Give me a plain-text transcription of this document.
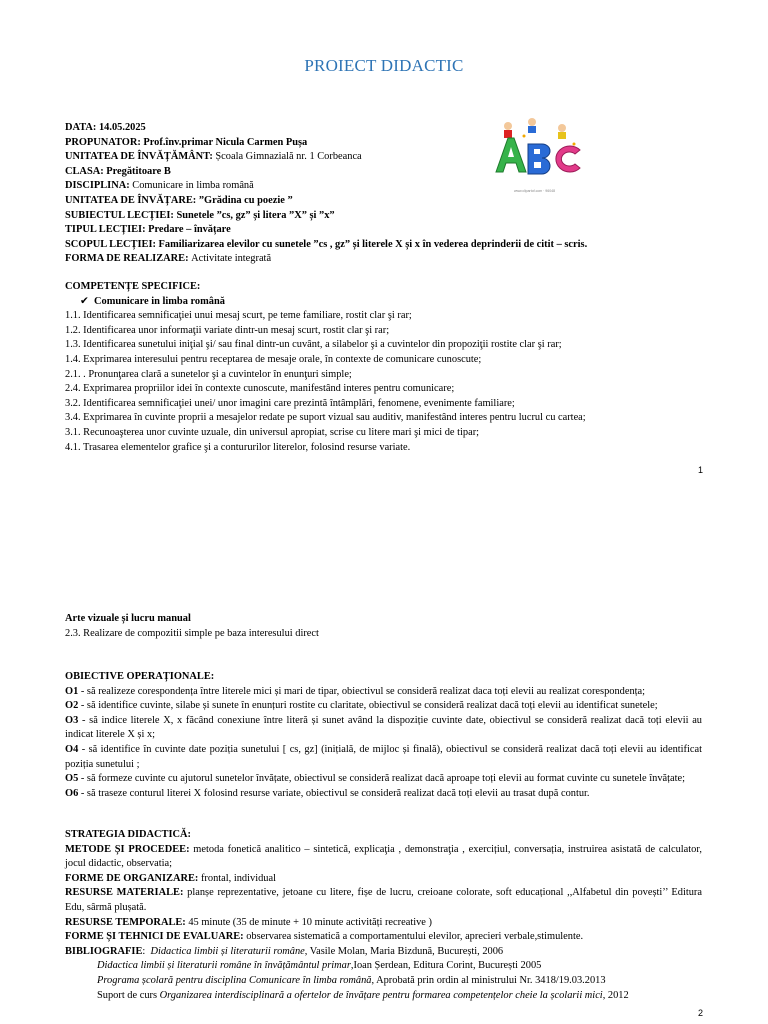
PROIECT DIDACTIC
www.clipartof.com · 96048
DATA: 14.05.2025
PROPUNATOR: Prof.înv.primar Nicula Carmen Pușa
UNITATEA DE ÎNVĂȚĂMÂNT: Școala Gimnazială nr. 1 Corbeanca
CLASA: Pregătitoare B
DISCIPLINA: Comunicare in limba română
UNITATEA DE ÎNVĂȚARE: ”Grădina cu poezie ”
SUBIECTUL LECȚIEI: Sunetele ”cs, gz” și litera ”X” și ”x”
TIPUL LECȚIEI: Predare – învățare
SCOPUL LECȚIEI: Familiarizarea elevilor cu sunetele ”cs , gz” și literele X și x în vederea deprinderii de citit – scris.
FORMA DE REALIZARE: Activitate integrată
COMPETENȚE SPECIFICE:
✔ Comunicare in limba română
1.1. Identificarea semnificaţiei unui mesaj scurt, pe teme familiare, rostit clar şi rar;
1.2. Identificarea unor informaţii variate dintr-un mesaj scurt, rostit clar şi rar;
1.3. Identificarea sunetului iniţial şi/ sau final dintr-un cuvânt, a silabelor şi a cuvintelor din propoziţii rostite clar şi rar;
1.4. Exprimarea interesului pentru receptarea de mesaje orale, în contexte de comunicare cunoscute;
2.1. . Pronunţarea clară a sunetelor şi a cuvintelor în enunţuri simple;
2.4. Exprimarea propriilor idei în contexte cunoscute, manifestând interes pentru comunicare;
3.2. Identificarea semnificaţiei unei/ unor imagini care prezintă întâmplări, fenomene, evenimente familiare;
3.4. Exprimarea în cuvinte proprii a mesajelor redate pe suport vizual sau auditiv, manifestând interes pentru lucrul cu cartea;
3.1. Recunoaşterea unor cuvinte uzuale, din universul apropiat, scrise cu litere mari şi mici de tipar;
4.1. Trasarea elementelor grafice şi a contururilor literelor, folosind resurse variate.
1
Arte vizuale și lucru manual
2.3. Realizare de compozitii simple pe baza interesului direct
OBIECTIVE OPERAȚIONALE:
O1 - să realizeze corespondența între literele mici și mari de tipar, obiectivul se consideră realizat daca toți elevii au realizat corespondența;
O2 - să identifice cuvinte, silabe și sunete în enunțuri rostite cu claritate, obiectivul se consideră realizat dacă toți elevii au identificat sunetele;
O3 - să indice literele X, x făcând conexiune între literă și sunet având la dispoziție cuvinte date, obiectivul se consideră realizat dacă toți elevii au indicat literele X și x;
O4 - să identifice în cuvinte date poziția sunetului [ cs, gz] (inițială, de mijloc și finală), obiectivul se consideră realizat dacă toți elevii au identificat poziția sunetului ;
O5 - să formeze cuvinte cu ajutorul sunetelor învățate, obiectivul se consideră realizat dacă aproape toți elevii au format cuvinte cu sunetele învățate;
O6 - să traseze conturul literei X folosind resurse variate, obiectivul se consideră realizat dacă toți elevii au trasat după contur.
STRATEGIA DIDACTICĂ:
METODE ȘI PROCEDEE: metoda fonetică analitico – sintetică, explicaţia , demonstraţia , exercițiul, conversația, instruirea asistată de calculator, jocul didactic, observatia;
FORME DE ORGANIZARE: frontal, individual
RESURSE MATERIALE: planșe reprezentative, jetoane cu litere, fișe de lucru, creioane colorate, soft educațional ,,Alfabetul din povești’’ Editura Edu, sârmă plușată.
RESURSE TEMPORALE: 45 minute (35 de minute + 10 minute activități recreative )
FORME ȘI TEHNICI DE EVALUARE: observarea sistematică a comportamentului elevilor, aprecieri verbale,stimulente.
BIBLIOGRAFIE:  Didactica limbii și literaturii române, Vasile Molan, Maria Bizdună, București, 2006
Didactica limbii și literaturii române în învățământul primar,Ioan Șerdean, Editura Corint, București 2005
Programa școlară pentru disciplina Comunicare în limba română, Aprobată prin ordin al ministrului Nr. 3418/19.03.2013
Suport de curs Organizarea interdisciplinară a ofertelor de învățare pentru formarea competențelor cheie la școlarii mici, 2012
2
